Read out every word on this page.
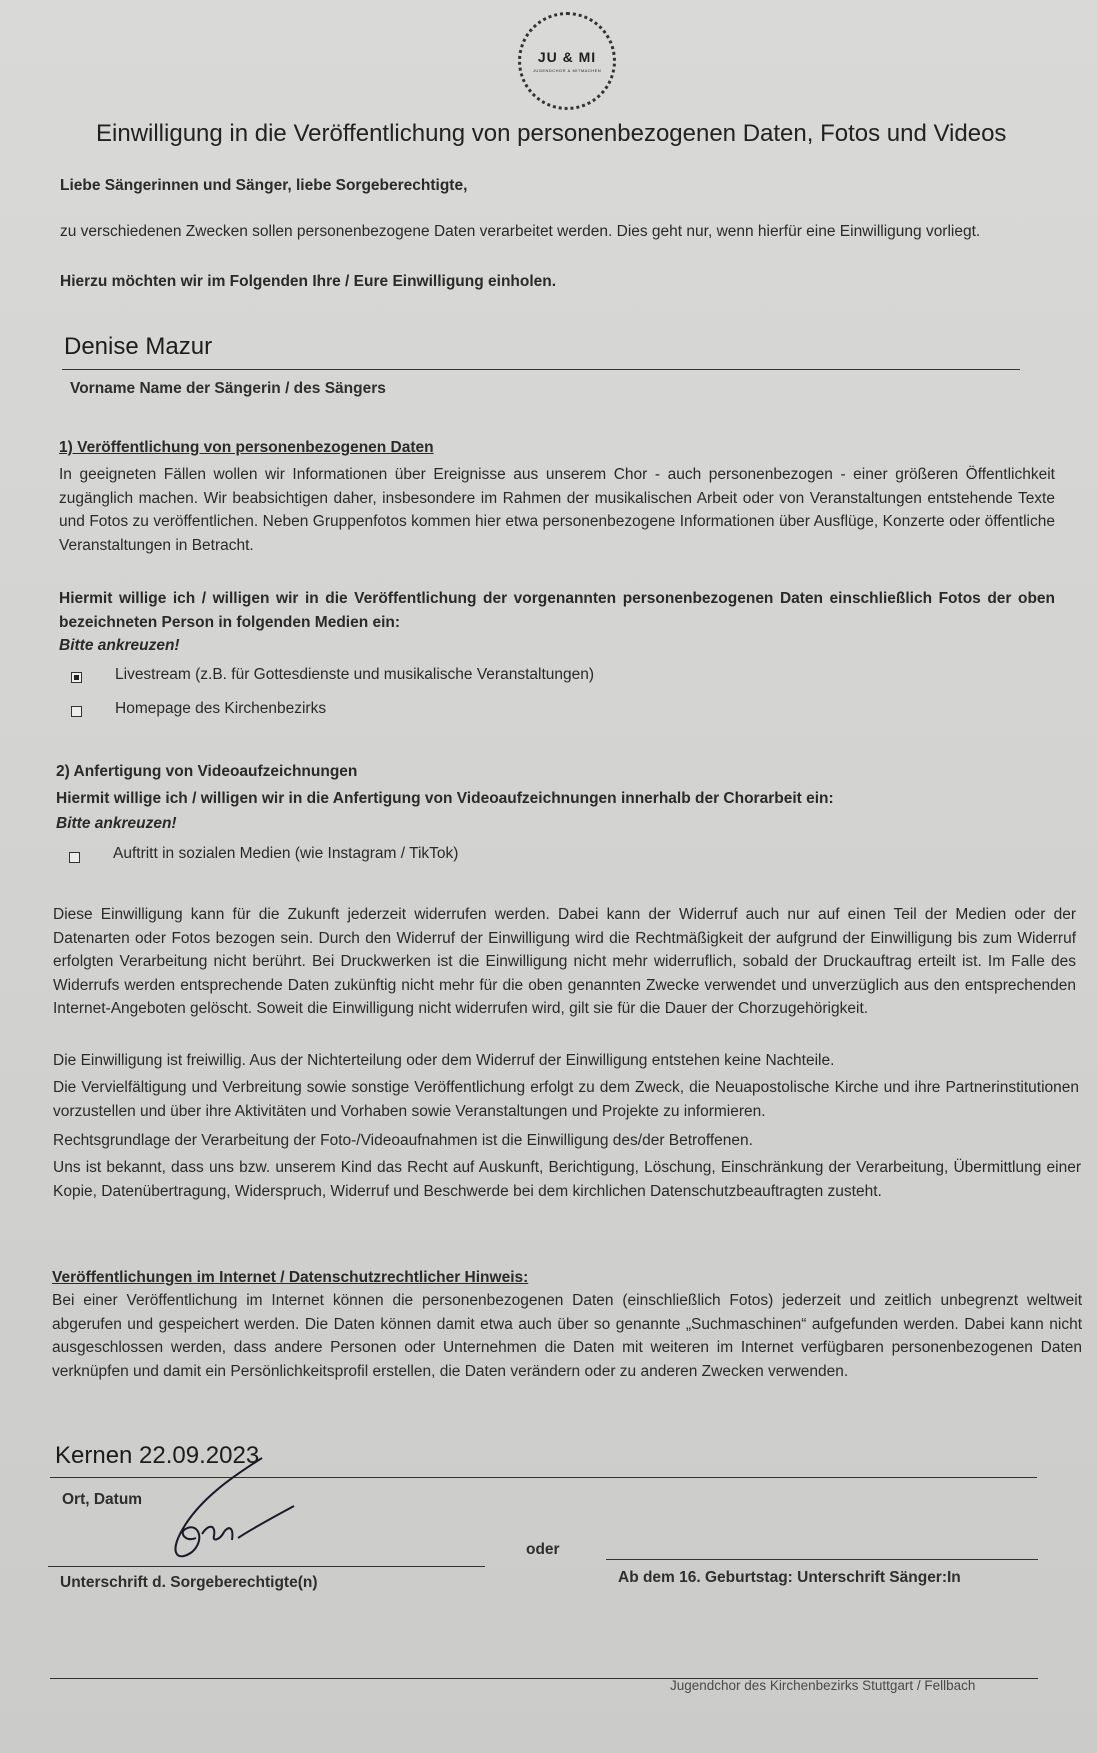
JU & MI
JUGENDCHOR & MITMACHEN
Einwilligung in die Veröffentlichung von personenbezogenen Daten, Fotos und Videos
Liebe Sängerinnen und Sänger, liebe Sorgeberechtigte,
zu verschiedenen Zwecken sollen personenbezogene Daten verarbeitet werden. Dies geht nur, wenn hierfür eine Einwilligung vorliegt.
Hierzu möchten wir im Folgenden Ihre / Eure Einwilligung einholen.
Denise Mazur
Vorname Name der Sängerin / des Sängers
1) Veröffentlichung von personenbezogenen Daten
In geeigneten Fällen wollen wir Informationen über Ereignisse aus unserem Chor - auch personenbezogen - einer größeren Öffentlichkeit zugänglich machen. Wir beabsichtigen daher, insbesondere im Rahmen der musikalischen Arbeit oder von Veranstaltungen entstehende Texte und Fotos zu veröffentlichen. Neben Gruppenfotos kommen hier etwa personenbezogene Informationen über Ausflüge, Konzerte oder öffentliche Veranstaltungen in Betracht.
Hiermit willige ich / willigen wir in die Veröffentlichung der vorgenannten personenbezogenen Daten einschließlich Fotos der oben bezeichneten Person in folgenden Medien ein:
Bitte ankreuzen!
Livestream (z.B. für Gottesdienste und musikalische Veranstaltungen)
Homepage des Kirchenbezirks
2) Anfertigung von Videoaufzeichnungen
Hiermit willige ich / willigen wir in die Anfertigung von Videoaufzeichnungen innerhalb der Chorarbeit ein:
Bitte ankreuzen!
Auftritt in sozialen Medien (wie Instagram / TikTok)
Diese Einwilligung kann für die Zukunft jederzeit widerrufen werden. Dabei kann der Widerruf auch nur auf einen Teil der Medien oder der Datenarten oder Fotos bezogen sein. Durch den Widerruf der Einwilligung wird die Rechtmäßigkeit der aufgrund der Einwilligung bis zum Widerruf erfolgten Verarbeitung nicht berührt. Bei Druckwerken ist die Einwilligung nicht mehr widerruflich, sobald der Druckauftrag erteilt ist. Im Falle des Widerrufs werden entsprechende Daten zukünftig nicht mehr für die oben genannten Zwecke verwendet und unverzüglich aus den entsprechenden Internet-Angeboten gelöscht. Soweit die Einwilligung nicht widerrufen wird, gilt sie für die Dauer der Chorzugehörigkeit.
Die Einwilligung ist freiwillig. Aus der Nichterteilung oder dem Widerruf der Einwilligung entstehen keine Nachteile.
Die Vervielfältigung und Verbreitung sowie sonstige Veröffentlichung erfolgt zu dem Zweck, die Neuapostolische Kirche und ihre Partnerinstitutionen vorzustellen und über ihre Aktivitäten und Vorhaben sowie Veranstaltungen und Projekte zu informieren.
Rechtsgrundlage der Verarbeitung der Foto-/Videoaufnahmen ist die Einwilligung des/der Betroffenen.
Uns ist bekannt, dass uns bzw. unserem Kind das Recht auf Auskunft, Berichtigung, Löschung, Einschränkung der Verarbeitung, Übermittlung einer Kopie, Datenübertragung, Widerspruch, Widerruf und Beschwerde bei dem kirchlichen Datenschutzbeauftragten zusteht.
Veröffentlichungen im Internet / Datenschutzrechtlicher Hinweis:
Bei einer Veröffentlichung im Internet können die personenbezogenen Daten (einschließlich Fotos) jederzeit und zeitlich unbegrenzt weltweit abgerufen und gespeichert werden. Die Daten können damit etwa auch über so genannte „Suchmaschinen“ aufgefunden werden. Dabei kann nicht ausgeschlossen werden, dass andere Personen oder Unternehmen die Daten mit weiteren im Internet verfügbaren personenbezogenen Daten verknüpfen und damit ein Persönlichkeitsprofil erstellen, die Daten verändern oder zu anderen Zwecken verwenden.
Kernen 22.09.2023
Ort, Datum
Unterschrift d. Sorgeberechtigte(n)
oder
Ab dem 16. Geburtstag: Unterschrift Sänger:In
Jugendchor des Kirchenbezirks Stuttgart / Fellbach
